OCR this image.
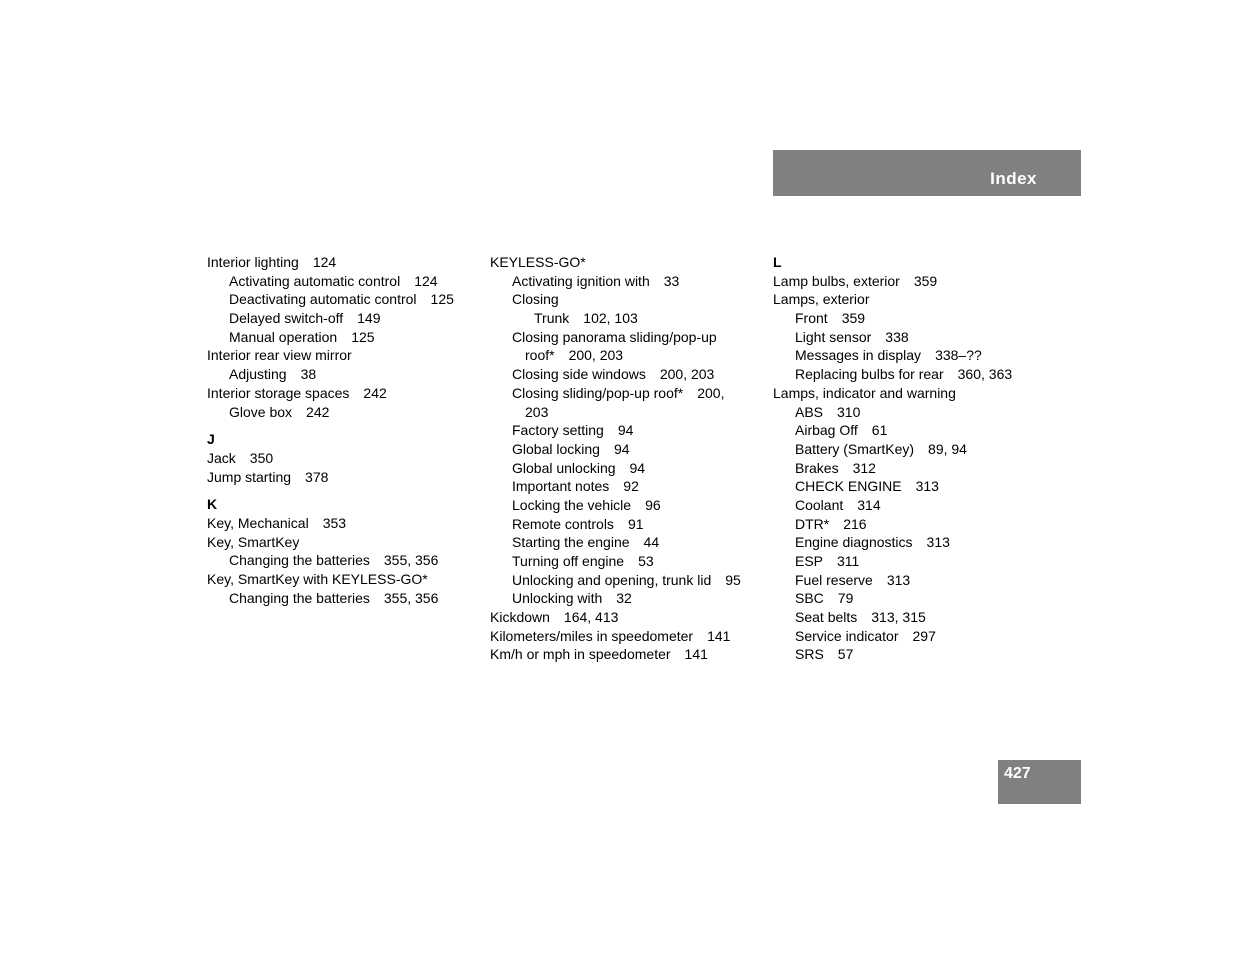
Index
Interior lighting 124
Activating automatic control 124
Deactivating automatic control 125
Delayed switch-off 149
Manual operation 125
Interior rear view mirror
Adjusting 38
Interior storage spaces 242
Glove box 242
J
Jack 350
Jump starting 378
K
Key, Mechanical 353
Key, SmartKey
Changing the batteries 355, 356
Key, SmartKey with KEYLESS-GO*
Changing the batteries 355, 356
KEYLESS-GO*
Activating ignition with 33
Closing
Trunk 102, 103
Closing panorama sliding/pop-up
roof* 200, 203
Closing side windows 200, 203
Closing sliding/pop-up roof* 200,
203
Factory setting 94
Global locking 94
Global unlocking 94
Important notes 92
Locking the vehicle 96
Remote controls 91
Starting the engine 44
Turning off engine 53
Unlocking and opening, trunk lid 95
Unlocking with 32
Kickdown 164, 413
Kilometers/miles in speedometer 141
Km/h or mph in speedometer 141
L
Lamp bulbs, exterior 359
Lamps, exterior
Front 359
Light sensor 338
Messages in display 338–??
Replacing bulbs for rear 360, 363
Lamps, indicator and warning
ABS 310
Airbag Off 61
Battery (SmartKey) 89, 94
Brakes 312
CHECK ENGINE 313
Coolant 314
DTR* 216
Engine diagnostics 313
ESP 311
Fuel reserve 313
SBC 79
Seat belts 313, 315
Service indicator 297
SRS 57
427
